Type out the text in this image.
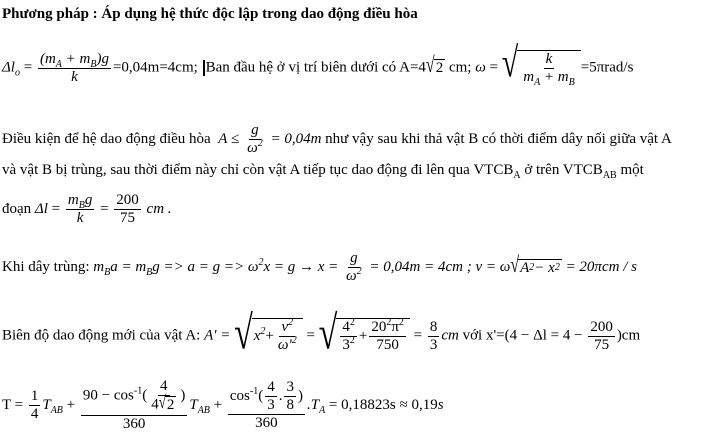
Phương pháp : Áp dụng hệ thức độc lập trong dao động điều hòa
$\Delta l_o = \frac{(m_A + m_B)g}{k} =0,04m=4cm$; Ban đầu hệ ở vị trí biên dưới có A=4 √ 2 cm; ω = √ $\frac{k}{m_A + m_B} =5\pi rad/s$
Điều kiện để hệ dao động điều hòa $A \le \frac{g}{\omega^2} = 0,04m$ như vậy sau khi thả vật B có thời điểm dây nối giữa vật A
và vật B bị trùng, sau thời điểm này chỉ còn vật A tiếp tục dao động đi lên qua $VTCB_A$ ở trên $VTCB_{AB}$ một
đoạn $\Delta l = \frac{m_Bg}{k} = \frac{200}{75}$ cm .
Khi dây trùng: $m_Ba = m_Bg => a = g => \omega^2x = g \to x = \frac{g}{\omega^2} = 0,04m = 4cm$ ; v = ω √ A 2 − x 2 = 20πcm / s
Biên độ dao động mới của vật A: A' = √ $x^2 + \frac{v^2}{\omega'^2}$ = √ $\frac{4^2}{3^2} + \frac{20^2\pi^2}{750} = \frac{8}{3}$ cm với $x'=(4 - \Delta l = 4 - \frac{200}{75} )cm$
$T = \frac{1}{4} T_{AB} + \frac{90 - \cos^{-1}( \frac{4}{4 √ 2} )}{360} T_{AB} + \frac{\cos^{-1}( \frac{4}{3} . \frac{3}{8} )}{360} .T_A = 0,18823s \approx 0,19s$
